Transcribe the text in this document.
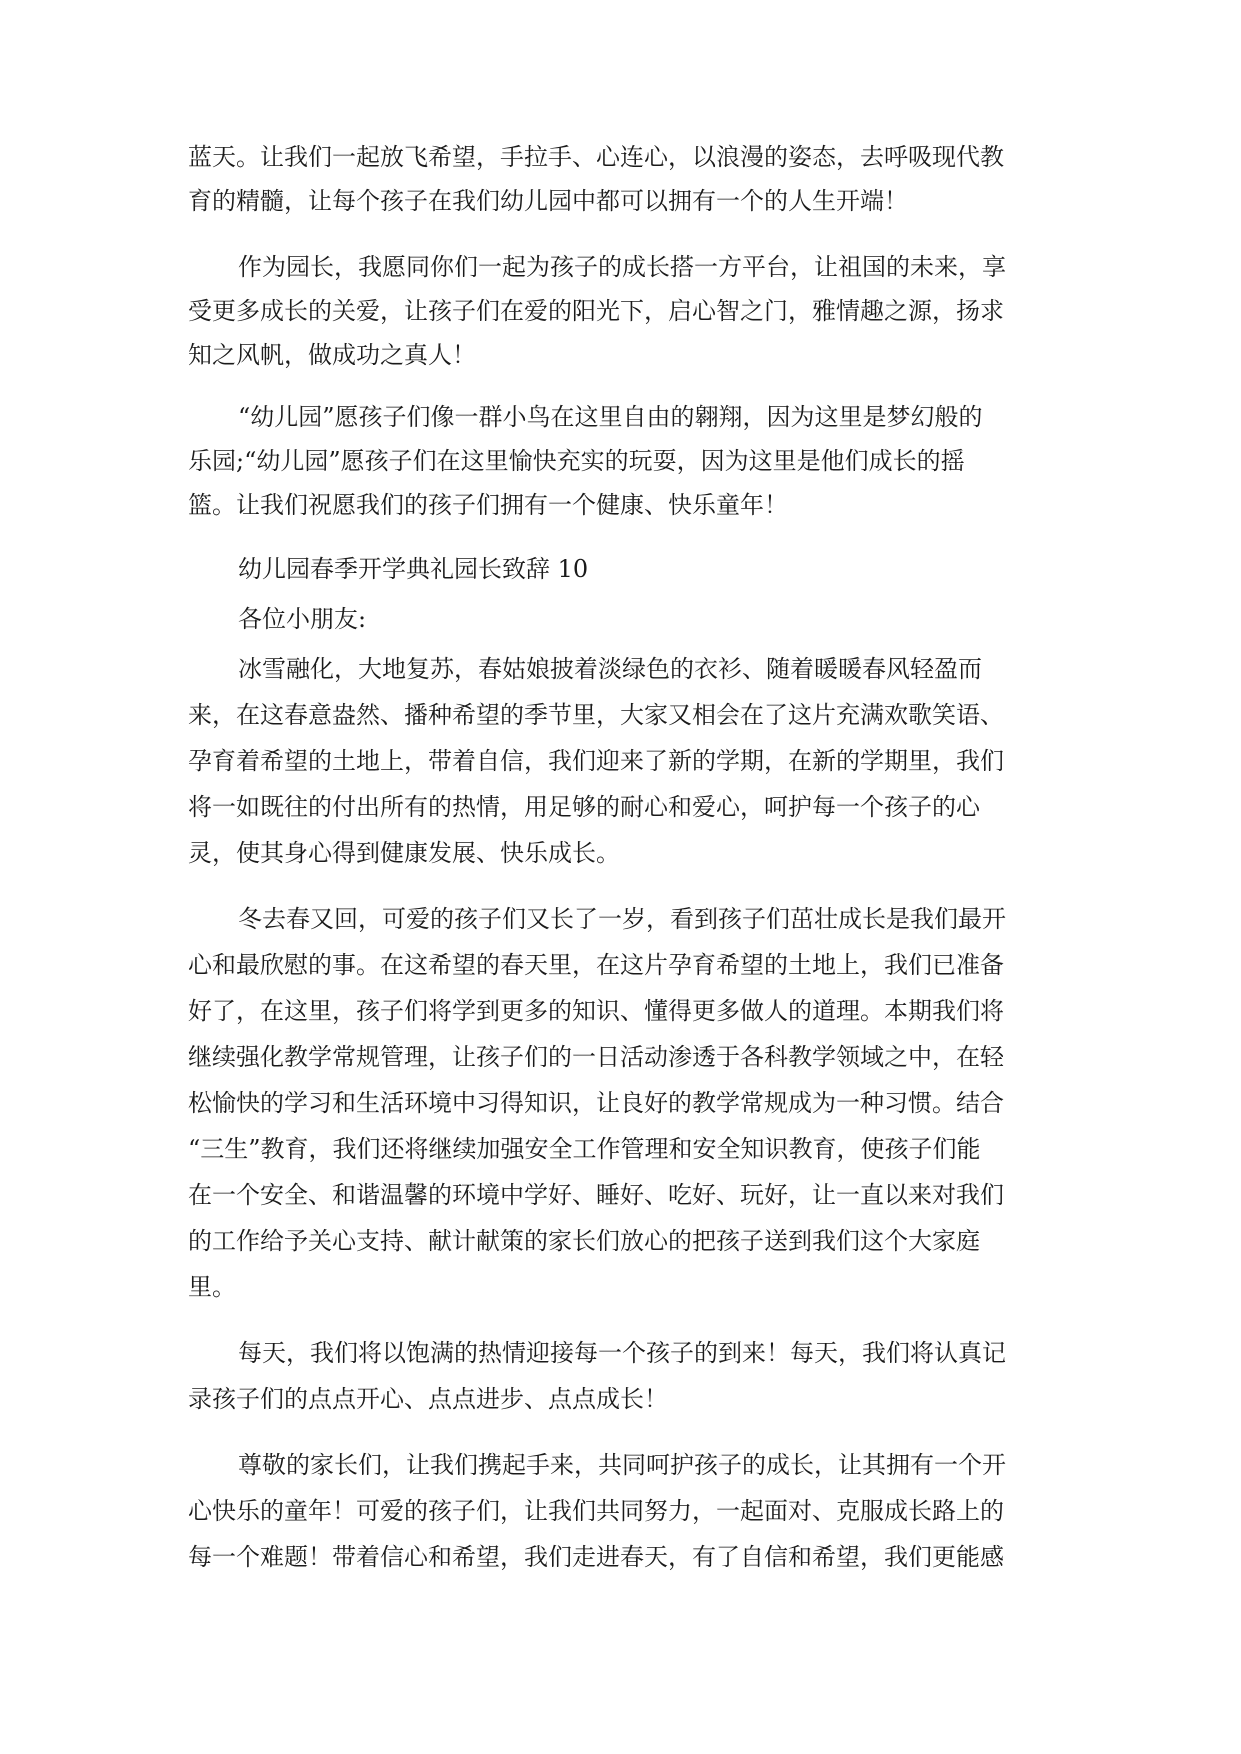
蓝天。让我们一起放飞希望，手拉手、心连心，以浪漫的姿态，去呼吸现代教
育的精髓，让每个孩子在我们幼儿园中都可以拥有一个的人生开端！
作为园长，我愿同你们一起为孩子的成长搭一方平台，让祖国的未来，享
受更多成长的关爱，让孩子们在爱的阳光下，启心智之门，雅情趣之源，扬求
知之风帆，做成功之真人！
“幼儿园”愿孩子们像一群小鸟在这里自由的翱翔，因为这里是梦幻般的
乐园;“幼儿园”愿孩子们在这里愉快充实的玩耍，因为这里是他们成长的摇
篮。让我们祝愿我们的孩子们拥有一个健康、快乐童年！
幼儿园春季开学典礼园长致辞 10
各位小朋友:
冰雪融化，大地复苏，春姑娘披着淡绿色的衣衫、随着暖暖春风轻盈而
来，在这春意盎然、播种希望的季节里，大家又相会在了这片充满欢歌笑语、
孕育着希望的土地上，带着自信，我们迎来了新的学期，在新的学期里，我们
将一如既往的付出所有的热情，用足够的耐心和爱心，呵护每一个孩子的心
灵，使其身心得到健康发展、快乐成长。
冬去春又回，可爱的孩子们又长了一岁，看到孩子们茁壮成长是我们最开
心和最欣慰的事。在这希望的春天里，在这片孕育希望的土地上，我们已准备
好了，在这里，孩子们将学到更多的知识、懂得更多做人的道理。本期我们将
继续强化教学常规管理，让孩子们的一日活动渗透于各科教学领域之中，在轻
松愉快的学习和生活环境中习得知识，让良好的教学常规成为一种习惯。结合
“三生”教育，我们还将继续加强安全工作管理和安全知识教育，使孩子们能
在一个安全、和谐温馨的环境中学好、睡好、吃好、玩好，让一直以来对我们
的工作给予关心支持、献计献策的家长们放心的把孩子送到我们这个大家庭
里。
每天，我们将以饱满的热情迎接每一个孩子的到来！每天，我们将认真记
录孩子们的点点开心、点点进步、点点成长！
尊敬的家长们，让我们携起手来，共同呵护孩子的成长，让其拥有一个开
心快乐的童年！可爱的孩子们，让我们共同努力，一起面对、克服成长路上的
每一个难题！带着信心和希望，我们走进春天，有了自信和希望，我们更能感
